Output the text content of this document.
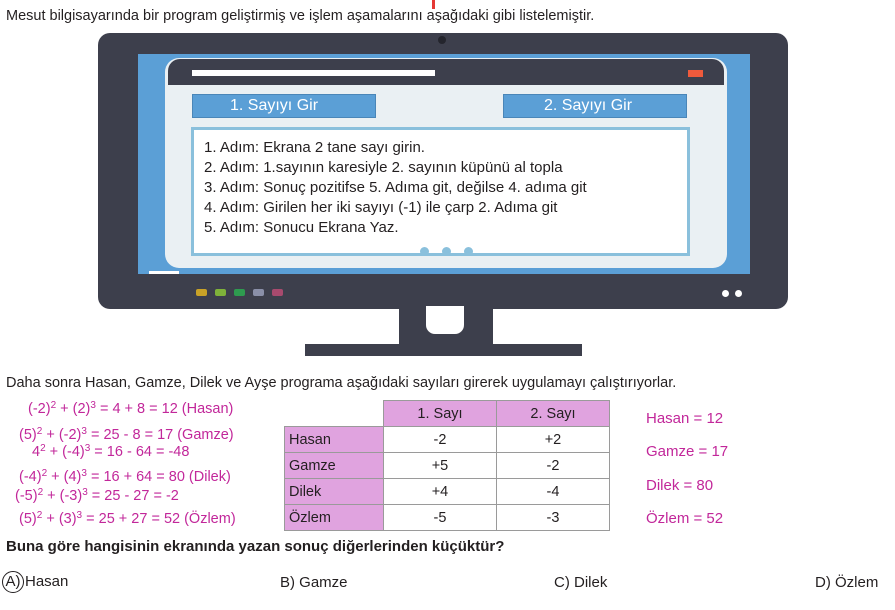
Mesut bilgisayarında bir program geliştirmiş ve işlem aşamalarını aşağıdaki gibi listelemiştir.
1. Sayıyı Gir	2. Sayıyı Gir
1. Adım: Ekrana 2 tane sayı girin.
2. Adım: 1.sayının karesiyle 2. sayının küpünü al topla
3. Adım: Sonuç pozitifse 5. Adıma git, değilse 4. adıma git
4. Adım: Girilen her iki sayıyı (-1) ile çarp 2. Adıma git
5. Adım: Sonucu Ekrana Yaz.
Daha sonra Hasan, Gamze, Dilek ve Ayşe programa aşağıdaki sayıları girerek uygulamayı çalıştırıyorlar.
$(-2)^2 + (2)^3 = 4 + 8 = 12$ (Hasan)
$(5)^2 + (-2)^3 = 25 - 8 = 17$ (Gamze)
$4^2 + (-4)^3 = 16 - 64 = -48$
$(-4)^2 + (4)^3 = 16 + 64 = 80$ (Dilek)
$(-5)^2 + (-3)^3 = 25 - 27 = -2$
$(5)^2 + (3)^3 = 25 + 27 = 52$ (Özlem)
	1. Sayı	2. Sayı
Hasan	-2	+2
Gamze	+5	-2
Dilek	+4	-4
Özlem	-5	-3
Hasan = 12
Gamze = 17
Dilek = 80
Özlem = 52
Buna göre hangisinin ekranında yazan sonuç diğerlerinden küçüktür?
A) Hasan	B) Gamze	C) Dilek	D) Özlem
